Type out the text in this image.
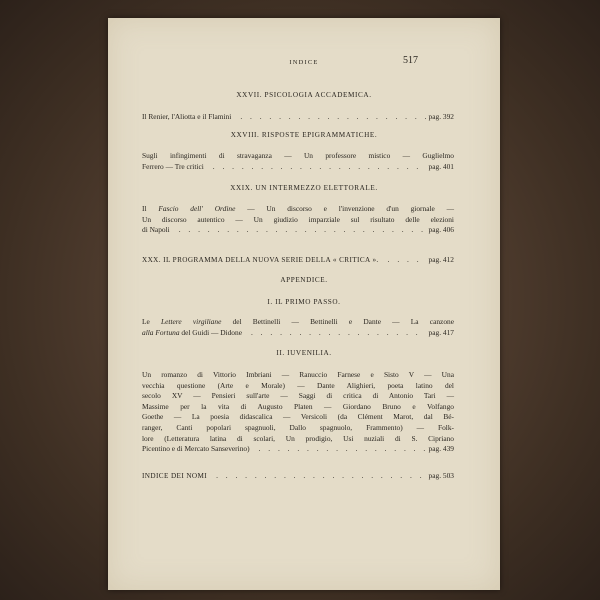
INDICE	517
XXVII. PSICOLOGIA ACCADEMICA.
Il Renier, l'Aliotta e il Flamini . . .	pag. 392
XXVIII. RISPOSTE EPIGRAMMATICHE.
Sugli infingimenti di stravaganza — Un professore mistico — Guglielmo
Ferrero — Tre critici . . .	pag. 401
XXIX. UN INTERMEZZO ELETTORALE.
Il Fascio dell' Ordine — Un discorso e l'invenzione d'un giornale —
Un discorso autentico — Un giudizio imparziale sul risultato delle elezioni
di Napoli . . .	pag. 406
XXX. IL PROGRAMMA DELLA NUOVA SERIE DELLA « CRITICA ». . . .	pag. 412
APPENDICE.
I. IL PRIMO PASSO.
Le Lettere virgiliane del Bettinelli — Bettinelli e Dante — La canzone
alla Fortuna del Guidi — Didone . . .	pag. 417
II. IUVENILIA.
Un romanzo di Vittorio Imbriani — Ranuccio Farnese e Sisto V — Una
vecchia questione (Arte e Morale) — Dante Alighieri, poeta latino del
secolo XV — Pensieri sull'arte — Saggi di critica di Antonio Tari —
Massime per la vita di Augusto Platen — Giordano Bruno e Volfango
Goethe — La poesia didascalica — Versicoli (da Clément Marot, dal Bé-
ranger, Canti popolari spagnuoli, Dallo spagnuolo, Frammento) — Folk-
lore (Letteratura latina di scolari, Un prodigio, Usi nuziali di S. Cipriano
Picentino e di Mercato Sanseverino) . . .	pag. 439
INDICE DEI NOMI . . .	pag. 503
